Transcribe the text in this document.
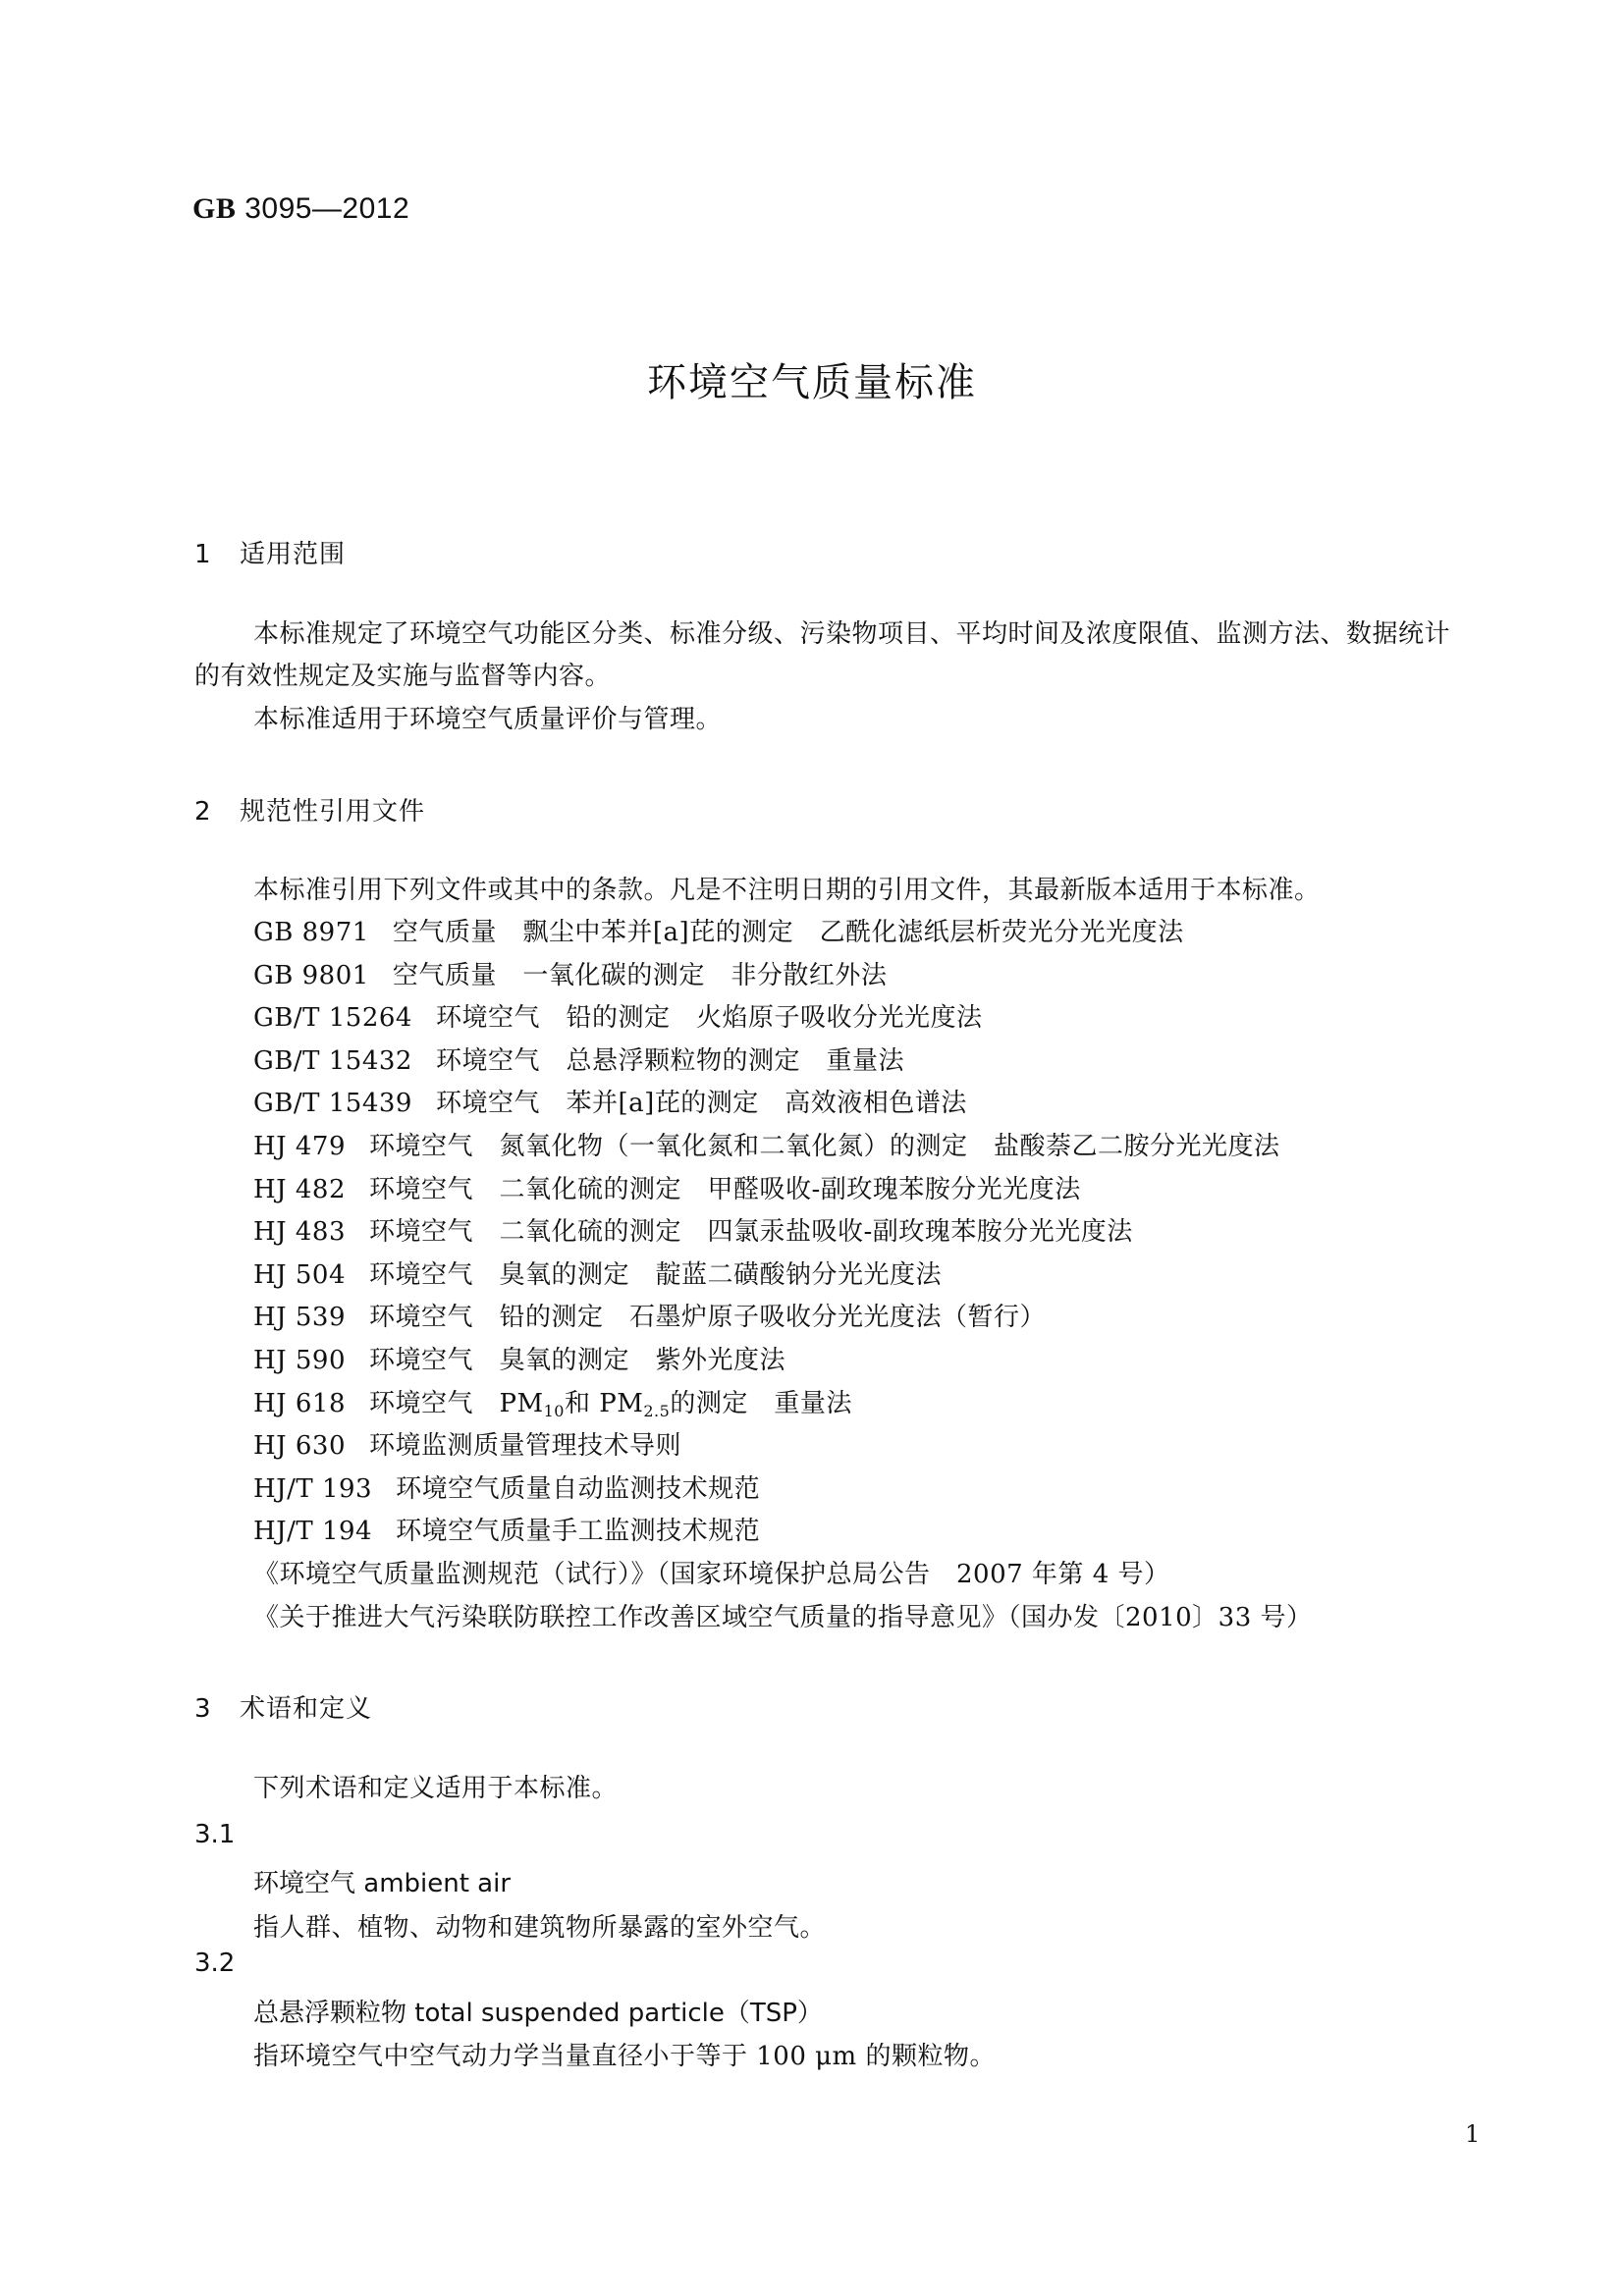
GB 3095—2012
环境空气质量标准
1 适用范围
本标准规定了环境空气功能区分类、标准分级、污染物项目、平均时间及浓度限值、监测方法、数据统计的有效性规定及实施与监督等内容。
本标准适用于环境空气质量评价与管理。
2 规范性引用文件
本标准引用下列文件或其中的条款。凡是不注明日期的引用文件，其最新版本适用于本标准。
GB 8971 空气质量　飘尘中苯并[a]芘的测定　乙酰化滤纸层析荧光分光光度法
GB 9801 空气质量　一氧化碳的测定　非分散红外法
GB/T 15264 环境空气　铅的测定　火焰原子吸收分光光度法
GB/T 15432 环境空气　总悬浮颗粒物的测定　重量法
GB/T 15439 环境空气　苯并[a]芘的测定　高效液相色谱法
HJ 479 环境空气　氮氧化物（一氧化氮和二氧化氮）的测定　盐酸萘乙二胺分光光度法
HJ 482 环境空气　二氧化硫的测定　甲醛吸收-副玫瑰苯胺分光光度法
HJ 483 环境空气　二氧化硫的测定　四氯汞盐吸收-副玫瑰苯胺分光光度法
HJ 504 环境空气　臭氧的测定　靛蓝二磺酸钠分光光度法
HJ 539 环境空气　铅的测定　石墨炉原子吸收分光光度法（暂行）
HJ 590 环境空气　臭氧的测定　紫外光度法
HJ 618 环境空气　$PM_{10}$和 $PM_{2.5}$的测定　重量法
HJ 630 环境监测质量管理技术导则
HJ/T 193 环境空气质量自动监测技术规范
HJ/T 194 环境空气质量手工监测技术规范
《环境空气质量监测规范（试行）》（国家环境保护总局公告　2007 年第 4 号）
《关于推进大气污染联防联控工作改善区域空气质量的指导意见》（国办发〔2010〕33 号）
3 术语和定义
下列术语和定义适用于本标准。
3.1
环境空气 ambient air
指人群、植物、动物和建筑物所暴露的室外空气。
3.2
总悬浮颗粒物 total suspended particle（TSP）
指环境空气中空气动力学当量直径小于等于 100 μm 的颗粒物。
1
